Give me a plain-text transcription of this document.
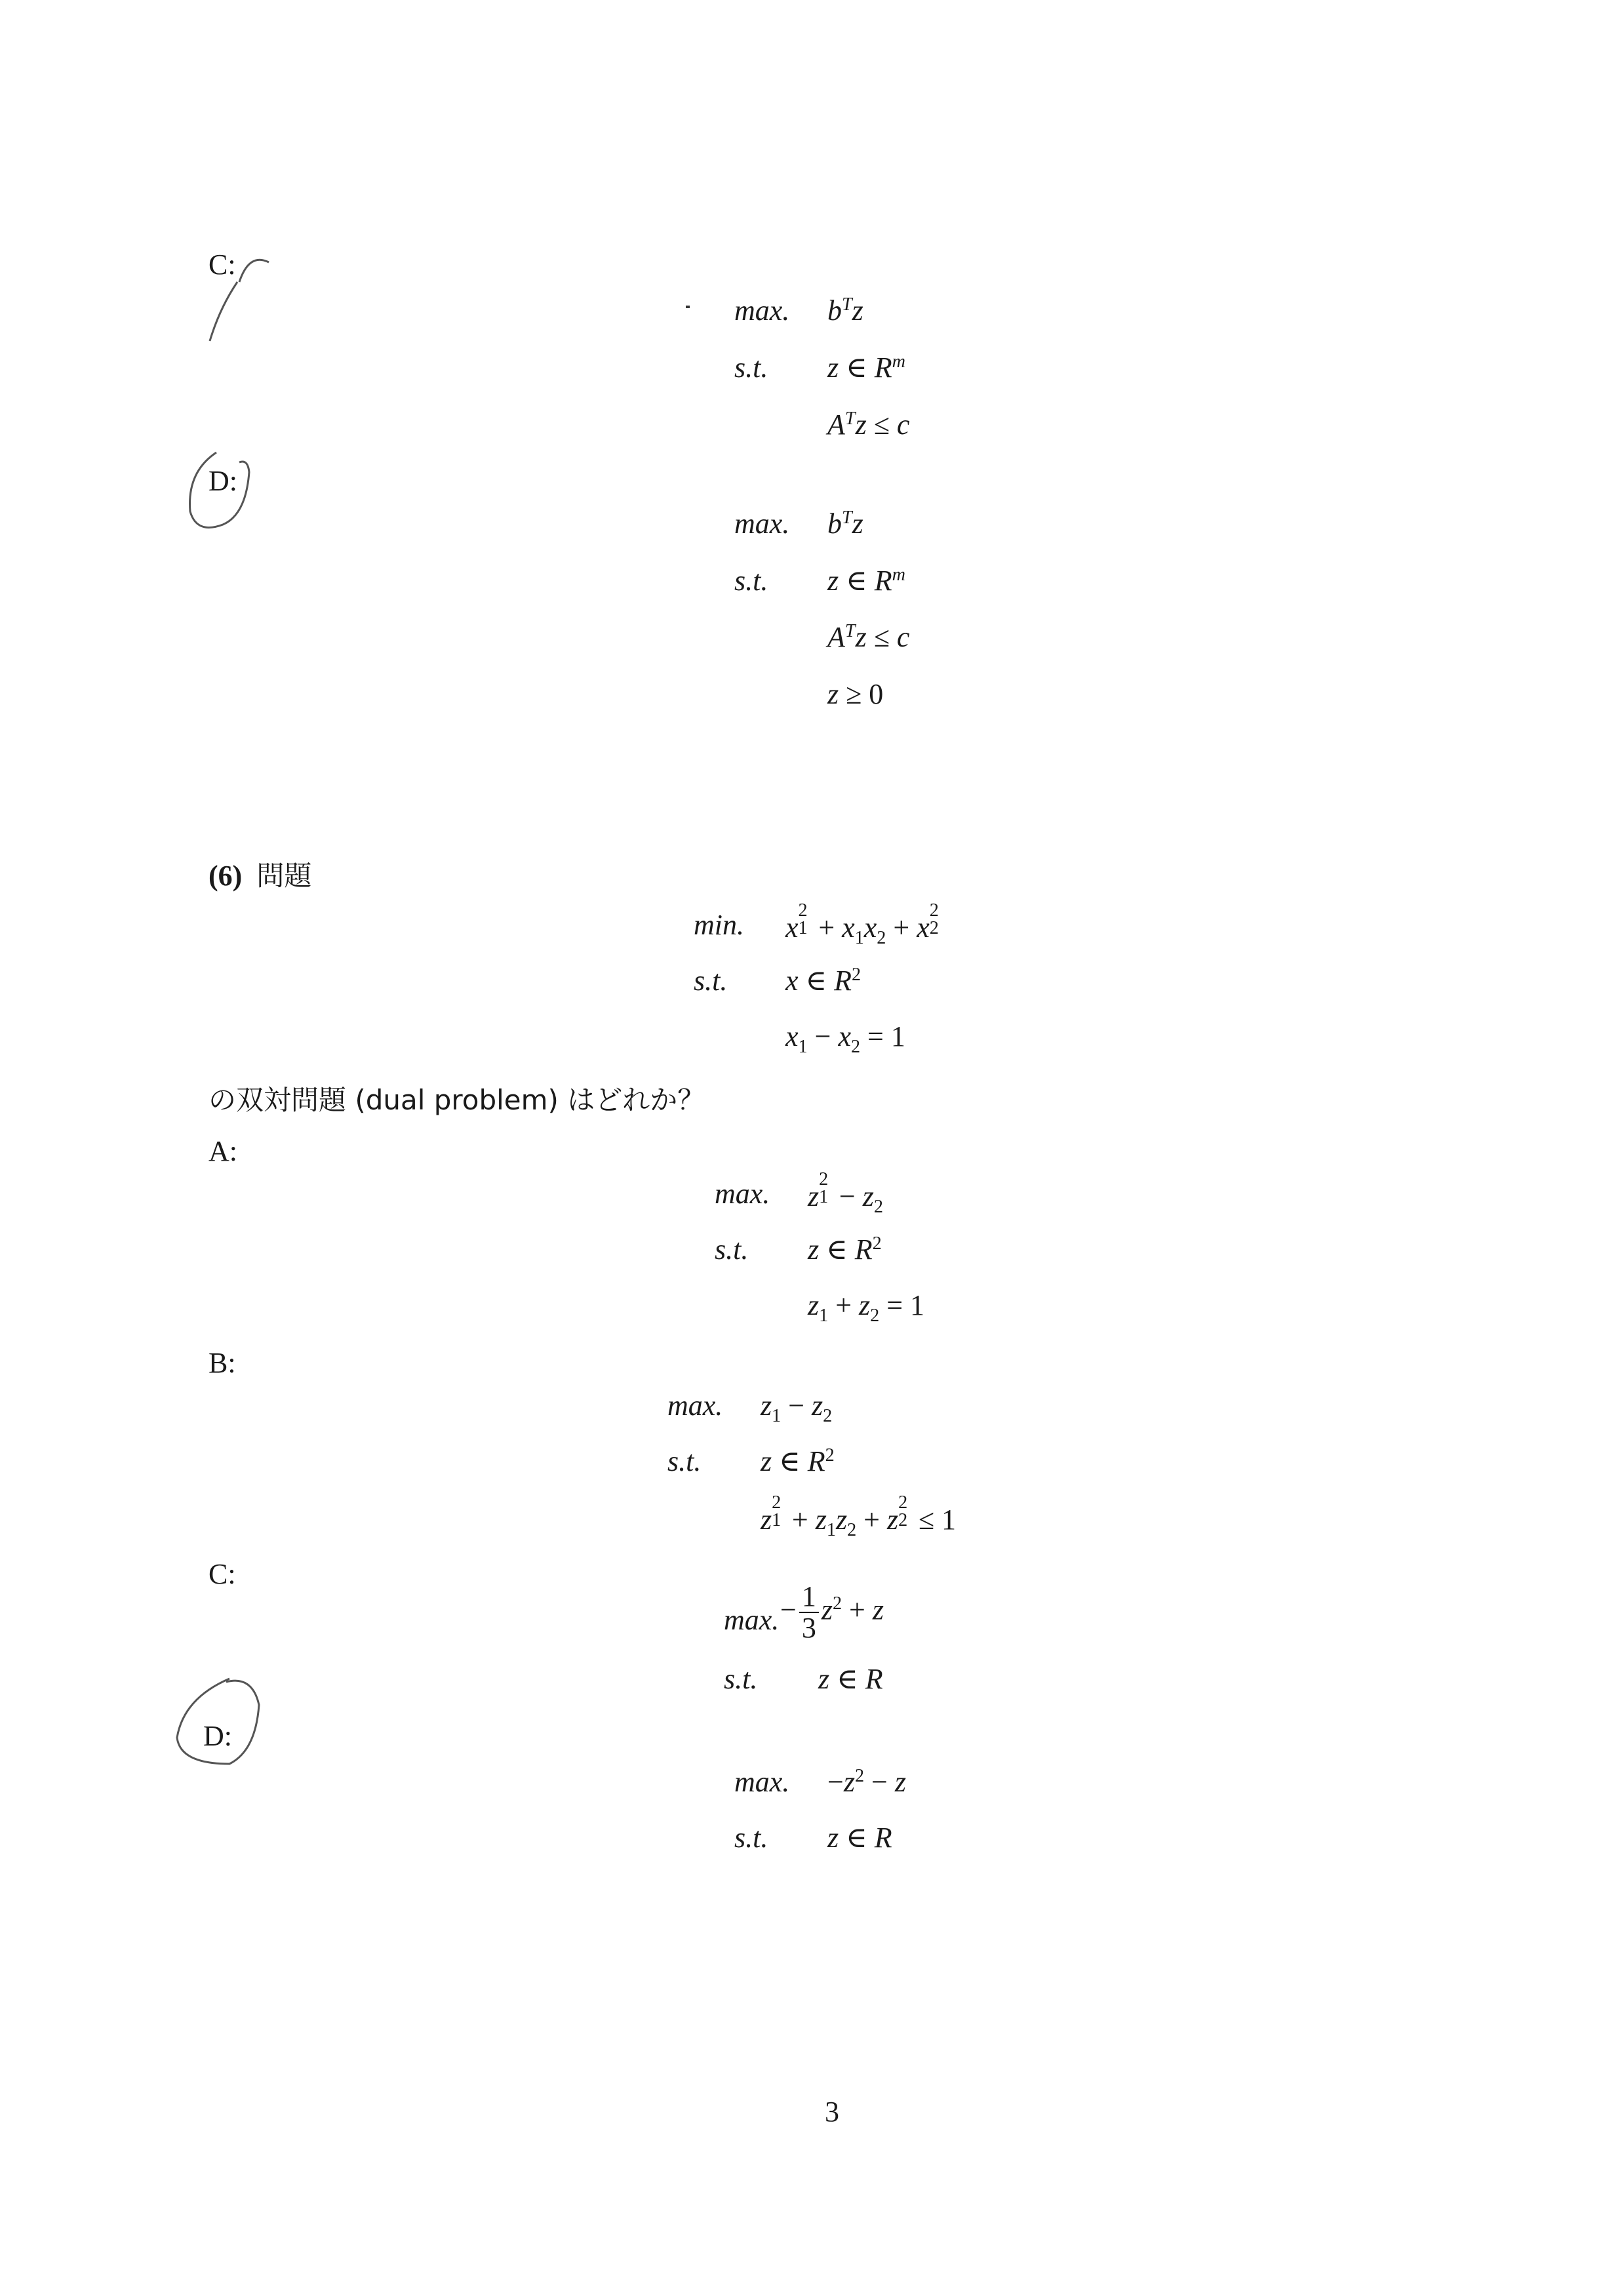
C:
max. $b^Tz$
s.t. z ∈ $R^m$
$A^Tz \le c$
D:
max. $b^Tz$
s.t. z ∈ $R^m$
$A^Tz \le c$
z ≥ 0
(6) 問題
min. x
2
$1 + x_1x_2 + x$
2
2
s.t. x ∈ $R^2$
$x_1 - x_2 = 1$
の双対問題 (dual problem) はどれか？
A:
max. z
2
$1 - z_2$
s.t. z ∈ $R^2$
$z_1 + z_2 = 1$
B:
max. $z_1 - z_2$
s.t. z ∈ $R^2$
z
2
$1 + z_1z_2 + z$
2
2 ≤ 1
C:
max. − $\frac{1}{3} z^2 + z$
s.t. z ∈ R
D:
max. $-z^2 - z$
s.t. z ∈ R
3
